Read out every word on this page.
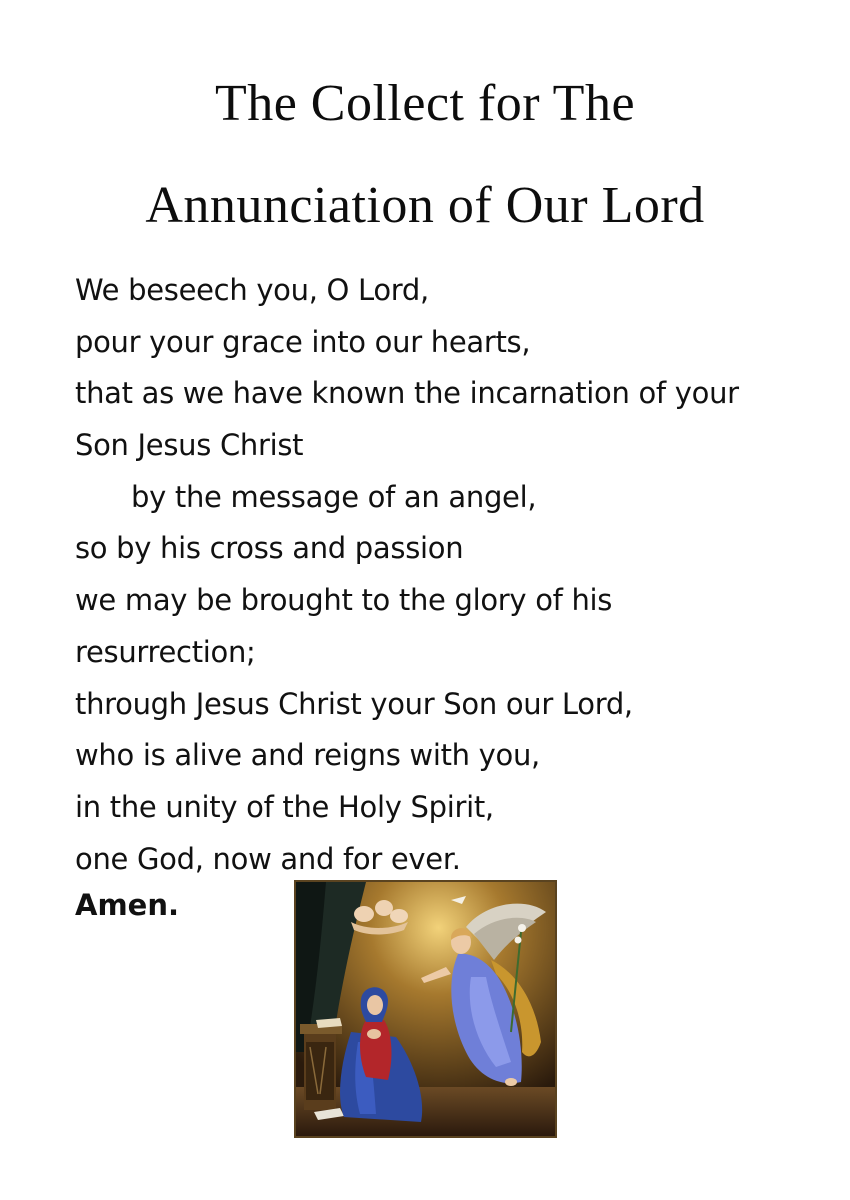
The Collect for The
Annunciation of Our Lord
We beseech you, O Lord,
pour your grace into our hearts,
that as we have known the incarnation of your
Son Jesus Christ
by the message of an angel,
so by his cross and passion
we may be brought to the glory of his
resurrection;
through Jesus Christ your Son our Lord,
who is alive and reigns with you,
in the unity of the Holy Spirit,
one God, now and for ever.
Amen.
